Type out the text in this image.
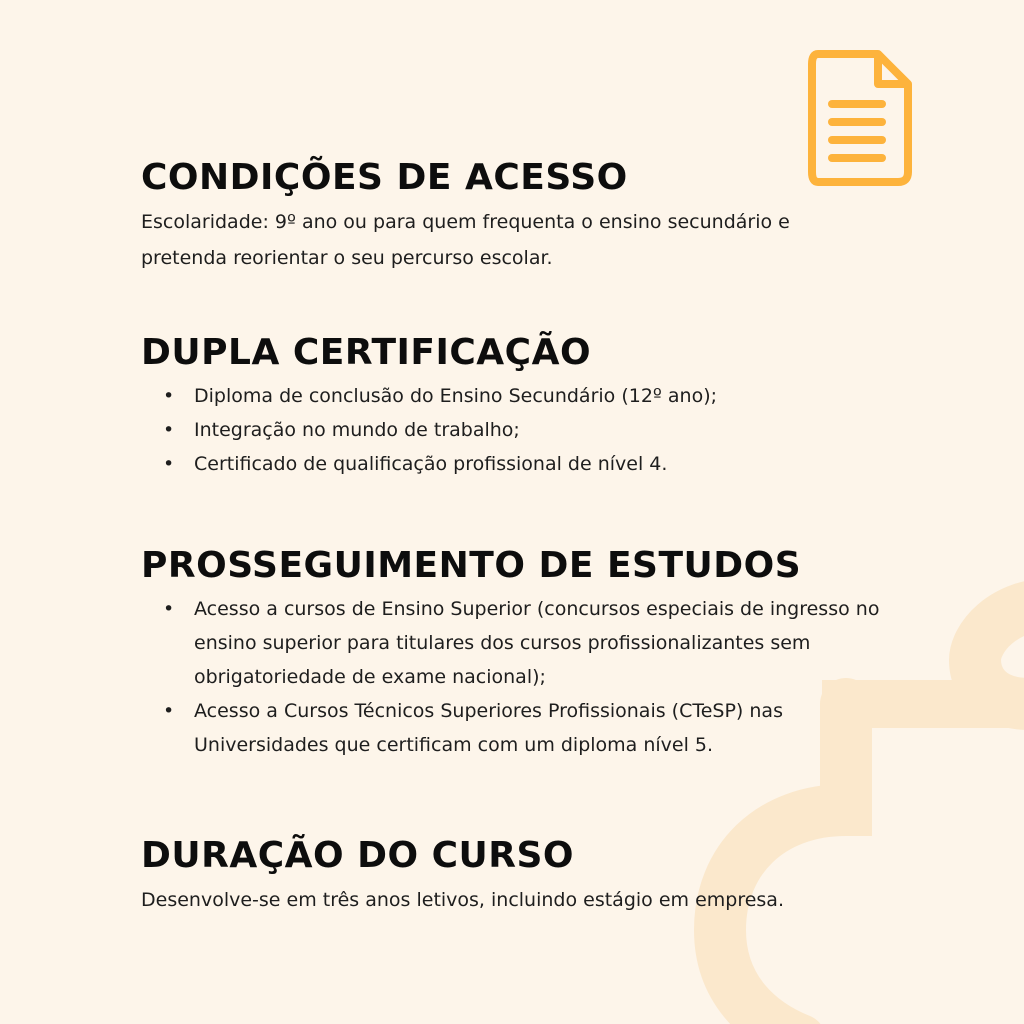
CONDIÇÕES DE ACESSO

Escolaridade: 9º ano ou para quem frequenta o ensino secundário e pretenda reorientar o seu percurso escolar.

DUPLA CERTIFICAÇÃO
• Diploma de conclusão do Ensino Secundário (12º ano);
• Integração no mundo de trabalho;
• Certificado de qualificação profissional de nível 4.
PROSSEGUIMENTO DE ESTUDOS
• Acesso a cursos de Ensino Superior (concursos especiais de ingresso no ensino superior para titulares dos cursos profissionalizantes sem obrigatoriedade de exame nacional);
• Acesso a Cursos Técnicos Superiores Profissionais (CTeSP) nas Universidades que certificam com um diploma nível 5.
DURAÇÃO DO CURSO

Desenvolve-se em três anos letivos, incluindo estágio em empresa.
